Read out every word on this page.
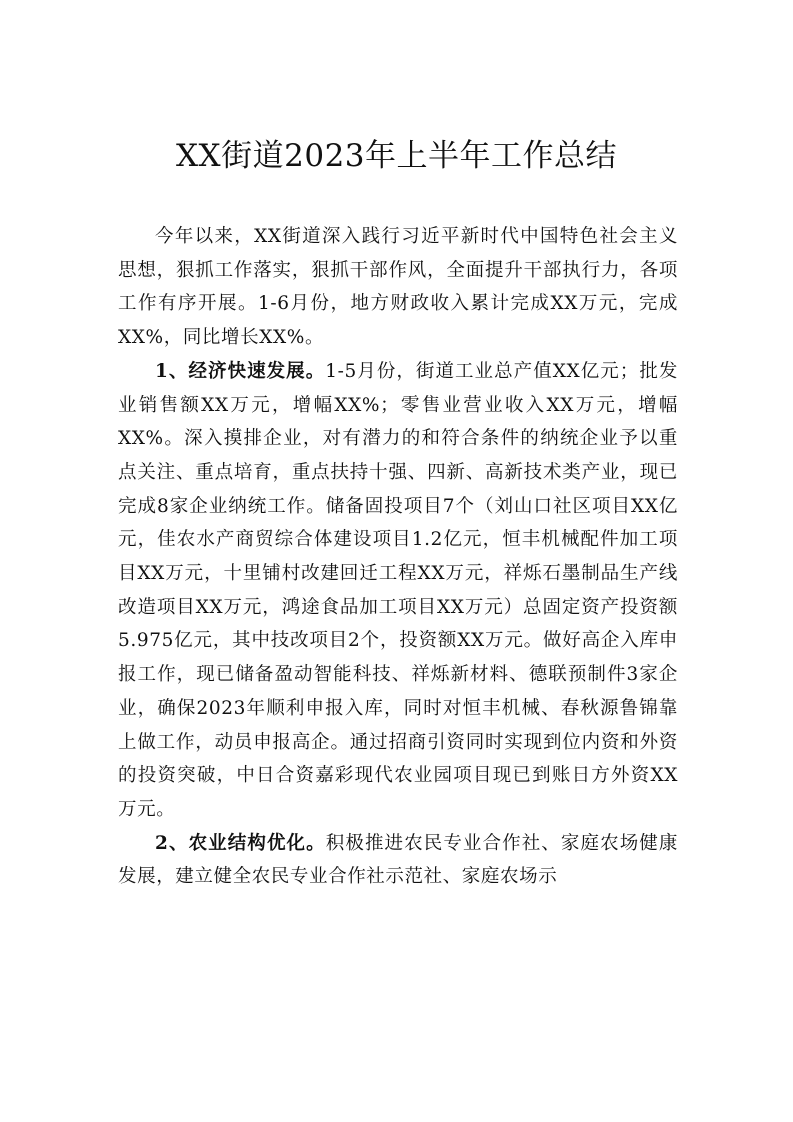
XX街道2023年上半年工作总结

今年以来，XX街道深入践行习近平新时代中国特色社会主义思想，狠抓工作落实，狠抓干部作风，全面提升干部执行力，各项工作有序开展。1-6月份，地方财政收入累计完成XX万元，完成XX%，同比增长XX%。

1、经济快速发展。1-5月份，街道工业总产值XX亿元；批发业销售额XX万元，增幅XX%；零售业营业收入XX万元，增幅XX%。深入摸排企业，对有潜力的和符合条件的纳统企业予以重点关注、重点培育，重点扶持十强、四新、高新技术类产业，现已完成8家企业纳统工作。储备固投项目7个（刘山口社区项目XX亿元，佳农水产商贸综合体建设项目1.2亿元，恒丰机械配件加工项目XX万元，十里铺村改建回迁工程XX万元，祥烁石墨制品生产线改造项目XX万元，鸿途食品加工项目XX万元）总固定资产投资额5.975亿元，其中技改项目2个，投资额XX万元。做好高企入库申报工作，现已储备盈动智能科技、祥烁新材料、德联预制件3家企业，确保2023年顺利申报入库，同时对恒丰机械、春秋源鲁锦靠上做工作，动员申报高企。通过招商引资同时实现到位内资和外资的投资突破，中日合资嘉彩现代农业园项目现已到账日方外资XX万元。

2、农业结构优化。积极推进农民专业合作社、家庭农场健康发展，建立健全农民专业合作社示范社、家庭农场示
